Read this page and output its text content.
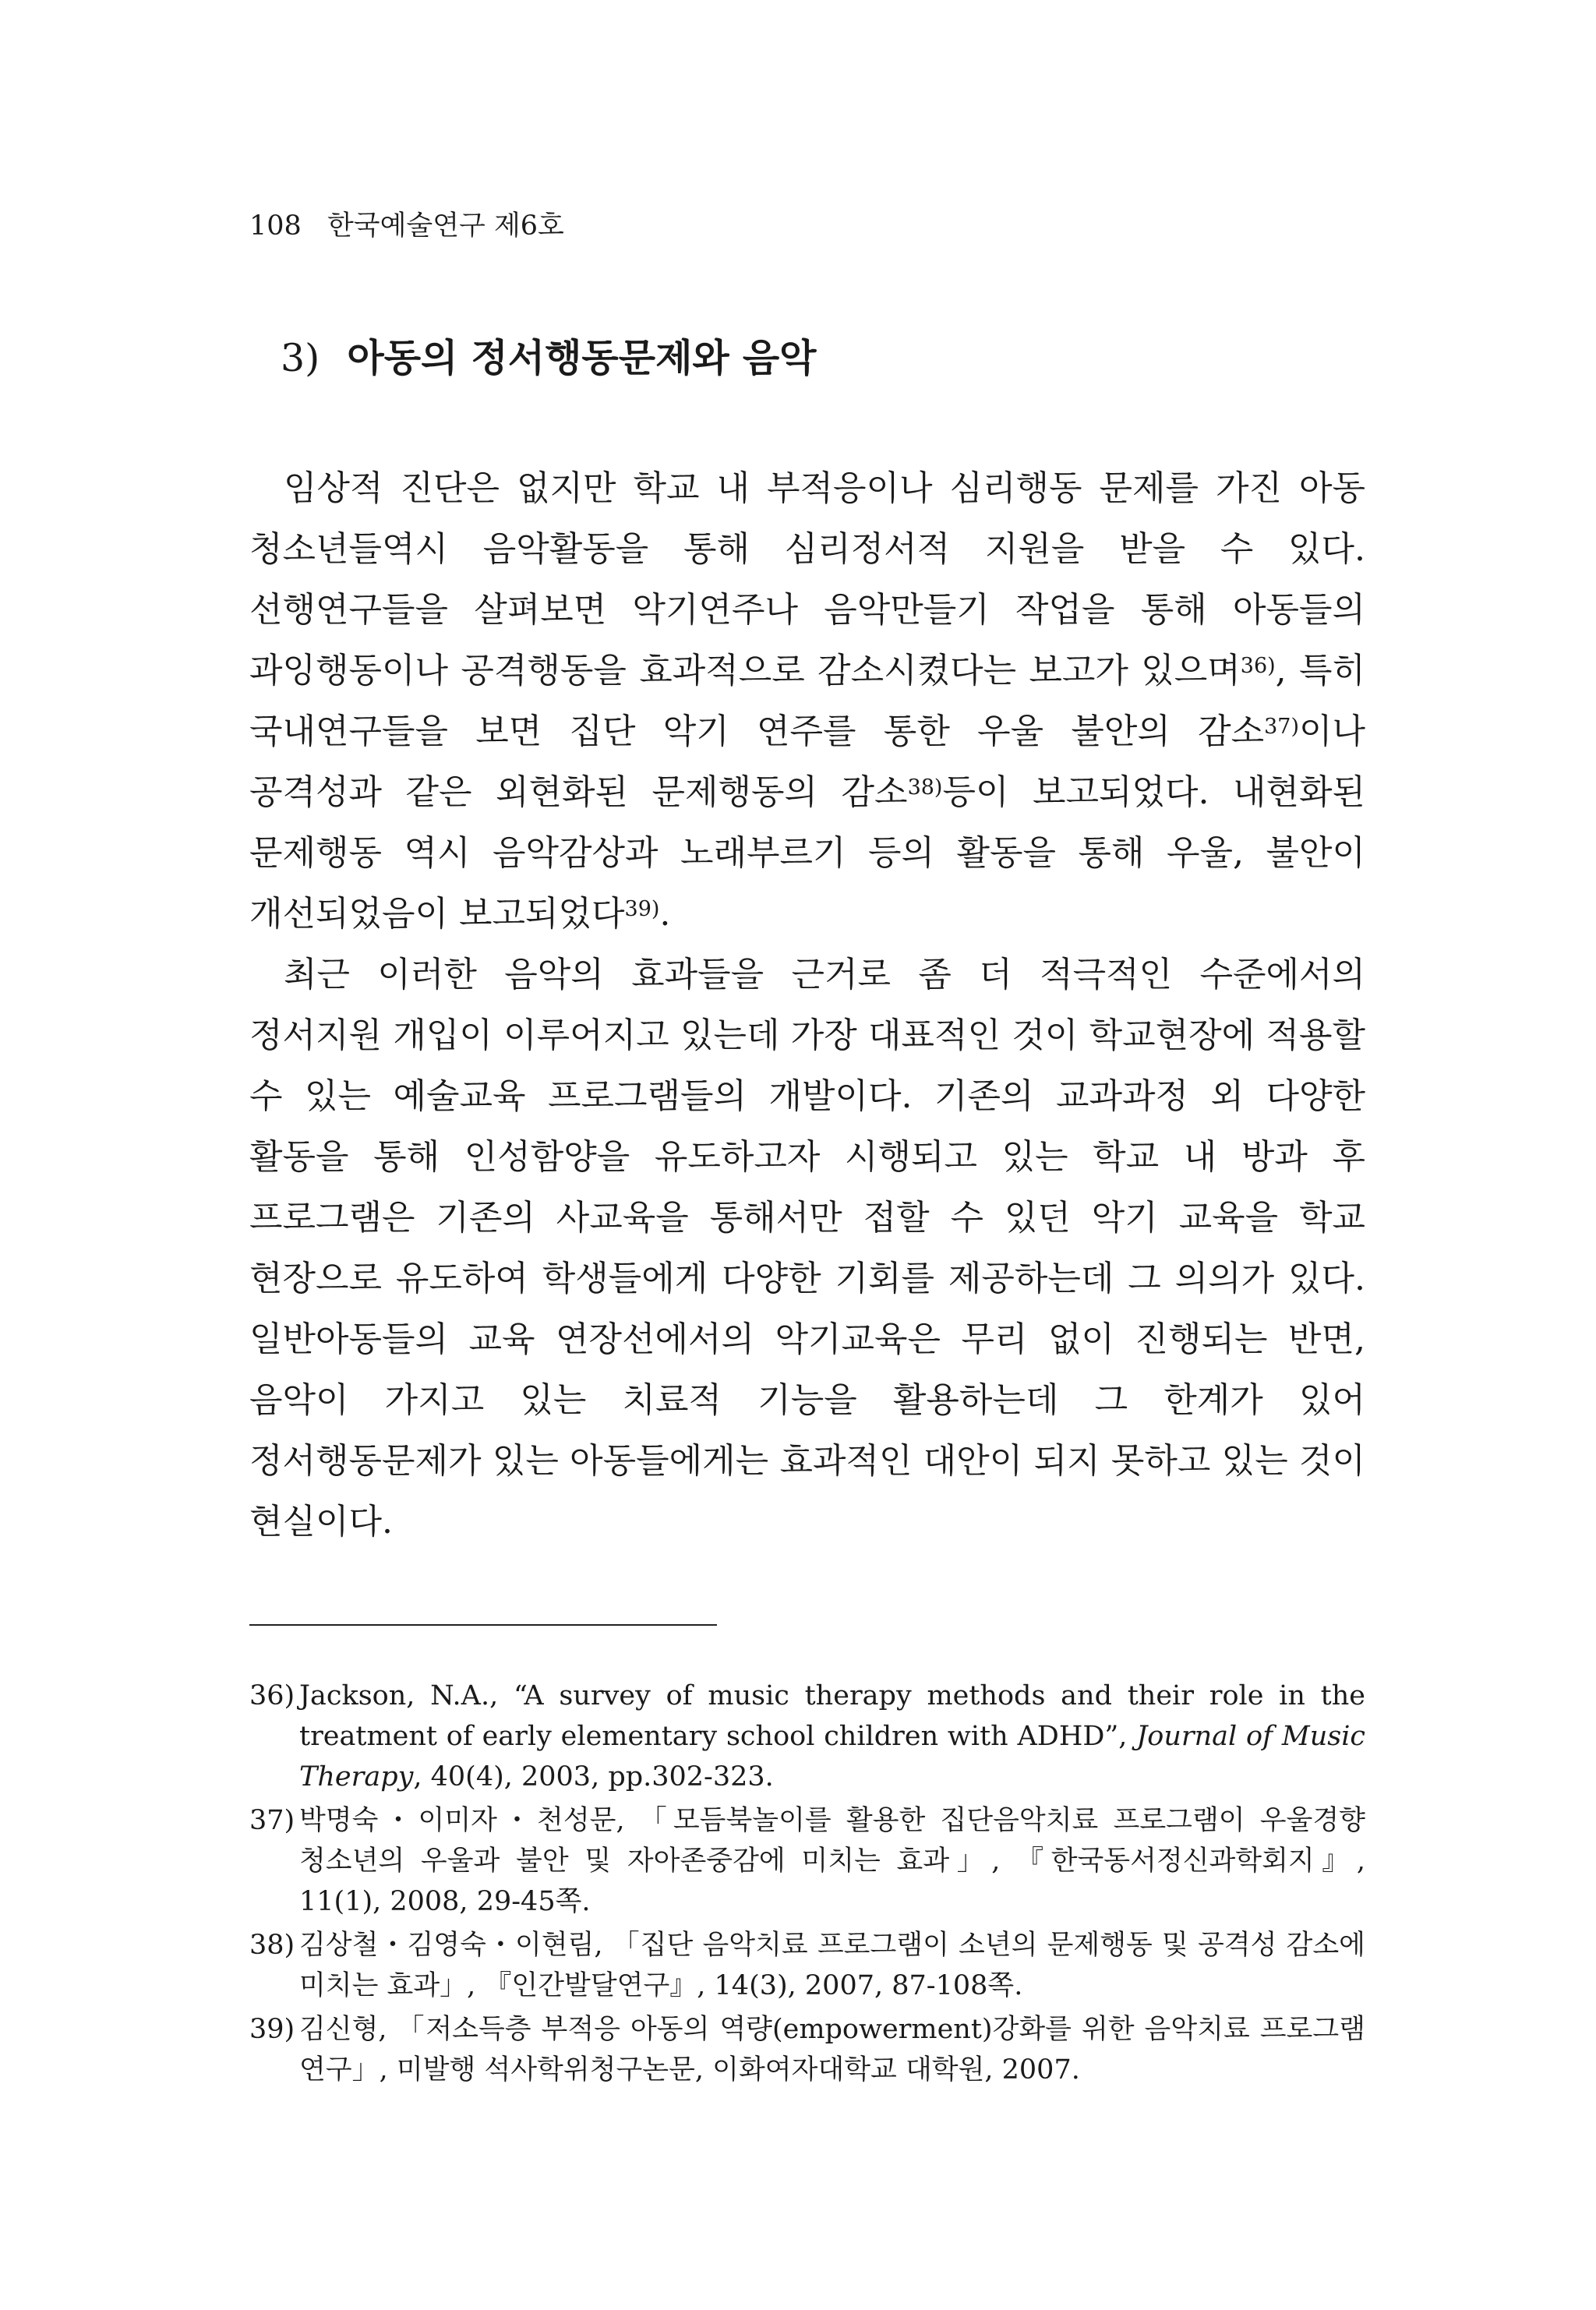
108 한국예술연구 제6호
3) 아동의 정서행동문제와 음악

임상적 진단은 없지만 학교 내 부적응이나 심리행동 문제를 가진 아동 청소년들역시 음악활동을 통해 심리정서적 지원을 받을 수 있다. 선행연구들을 살펴보면 악기연주나 음악만들기 작업을 통해 아동들의 과잉행동이나 공격행동을 효과적으로 감소시켰다는 보고가 있으며$^{36)}$, 특히 국내연구들을 보면 집단 악기 연주를 통한 우울 불안의 감소$^{37)}$이나 공격성과 같은 외현화된 문제행동의 감소$^{38)}$등이 보고되었다. 내현화된 문제행동 역시 음악감상과 노래부르기 등의 활동을 통해 우울, 불안이 개선되었음이 보고되었다$^{39)}$.

최근 이러한 음악의 효과들을 근거로 좀 더 적극적인 수준에서의 정서지원 개입이 이루어지고 있는데 가장 대표적인 것이 학교현장에 적용할 수 있는 예술교육 프로그램들의 개발이다. 기존의 교과과정 외 다양한 활동을 통해 인성함양을 유도하고자 시행되고 있는 학교 내 방과 후 프로그램은 기존의 사교육을 통해서만 접할 수 있던 악기 교육을 학교 현장으로 유도하여 학생들에게 다양한 기회를 제공하는데 그 의의가 있다. 일반아동들의 교육 연장선에서의 악기교육은 무리 없이 진행되는 반면, 음악이 가지고 있는 치료적 기능을 활용하는데 그 한계가 있어 정서행동문제가 있는 아동들에게는 효과적인 대안이 되지 못하고 있는 것이 현실이다.

36) Jackson, N.A., “A survey of music therapy methods and their role in the treatment of early elementary school children with ADHD”, Journal of Music Therapy, 40(4), 2003, pp.302-323.
37) 박명숙・이미자・천성문, 「모듬북놀이를 활용한 집단음악치료 프로그램이 우울경향 청소년의 우울과 불안 및 자아존중감에 미치는 효과」, 『한국동서정신과학회지』, 11(1), 2008, 29-45쪽.
38) 김상철・김영숙・이현림, 「집단 음악치료 프로그램이 소년의 문제행동 및 공격성 감소에 미치는 효과」, 『인간발달연구』, 14(3), 2007, 87-108쪽.
39) 김신형, 「저소득층 부적응 아동의 역량(empowerment)강화를 위한 음악치료 프로그램 연구」, 미발행 석사학위청구논문, 이화여자대학교 대학원, 2007.
